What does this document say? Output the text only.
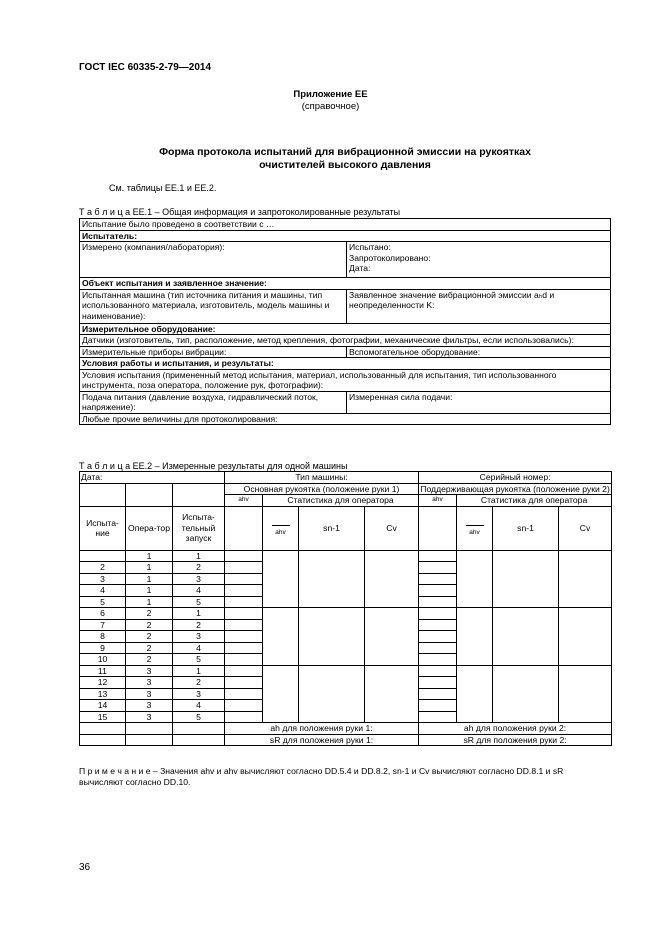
ГОСТ IEC 60335-2-79—2014
Приложение ЕЕ
(справочное)
Форма протокола испытаний для вибрационной эмиссии на рукоятках
очистителей высокого давления
См. таблицы ЕЕ.1 и ЕЕ.2.
Т а б л и ц а ЕЕ.1 – Общая информация и запротоколированные результаты
Испытание было проведено в соответствии с …	
Испытатель:	
Измерено (компания/лаборатория):	Испытано:
Запротоколировано:
Дата:

Объект испытания и заявленное значение:	
Испытанная машина (тип источника питания и машины, тип использованного материала, изготовитель, модель машины и наименование):	Заявленное значение вибрационной эмиссии aₕd и неопределенности K:
Измерительное оборудование:	
Датчики (изготовитель, тип, расположение, метод крепления, фотографии, механические фильтры, если использовались):	
Измерительные приборы вибрации:	Вспомогательное оборудование:
Условия работы и испытания, и результаты:	
Условия испытания (примененный метод испытания, материал, использованный для испытания, тип использованного инструмента, поза оператора, положение рук, фотографии):	
Подача питания (давление воздуха, гидравлический поток, напряжение):	Измеренная сила подачи:
Любые прочие величины для протоколирования:	
Т а б л и ц а ЕЕ.2 – Измеренные результаты для одной машины
Дата:			Тип машины:				Серийный номер:			
			Основная рукоятка (положение руки 1)				Поддерживающая рукоятка (положение руки 2)			
			ahv	Статистика для оператора			ahv	Статистика для оператора		
Испыта-ние	Опера-тор	Испыта-тельный запуск		ahv	sn-1	Cv		ahv	sn-1	Cv
	1	1								
2	1	2								
3	1	3								
4	1	4								
5	1	5								
6	2	1								
7	2	2								
8	2	3								
9	2	4								
10	2	5								
11	3	1								
12	3	2								
13	3	3								
14	3	4								
15	3	5								
			ah для положения руки 1:				ah для положения руки 2:			
			sR для положения руки 1:				sR для положения руки 2:			
П р и м е ч а н и е – Значения ahv и ahv вычисляют согласно DD.5.4 и DD.8.2, sn-1 и Cv вычисляют согласно DD.8.1 и sR вычисляют согласно DD.10.
36
